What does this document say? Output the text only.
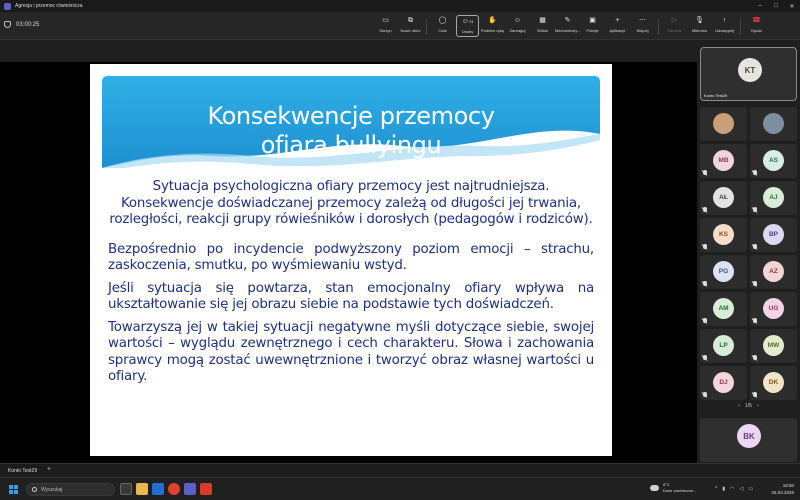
Agresja i przemoc rówieśnicza	–	□	✕
03:00:25
▭
Skrzyn
⧉
Nowe okno
◯
Czat
☺ 74
Osoby
✋
Podnieś rękę
☺
Zareaguj
▦
Widok
✎
Mechanizmy...
▣
Pokoje
+
Aplikacje
⋯
Więcej
▷
Kamera
🎙
Mikrofon
↑
Udostępnij
☎
Opuść
Konsekwencje przemocy
ofiara bullyingu
Sytuacja psychologiczna ofiary przemocy jest najtrudniejsza. Konsekwencje doświadczanej przemocy zależą od długości jej trwania, rozległości, reakcji grupy rówieśników i dorosłych (pedagogów i rodziców).
Bezpośrednio po incydencie podwyższony poziom emocji – strachu, zaskoczenia, smutku, po wyśmiewaniu wstyd.
Jeśli sytuacja się powtarza, stan emocjonalny ofiary wpływa na ukształtowanie się jej obrazu siebie na podstawie tych doświadczeń.
Towarzyszą jej w takiej sytuacji negatywne myśli dotyczące siebie, swojej wartości – wyglądu zewnętrznego i cech charakteru. Słowa i zachowania sprawcy mogą zostać uwewnętrznione i tworzyć obraz własnej wartości u ofiary.
KT
Konto Test29
MB	AS
AŁ	AJ
KS	BP
PG	AZ
AM	UG
LP	MW
DJ	DK
‹ 1/5 ›
BK
Konto Test29	+
Wyszukaj
8°C
Duże zachmurze...	^ ▮ ◠ ◁ ▭
18:50
26.03.2026
